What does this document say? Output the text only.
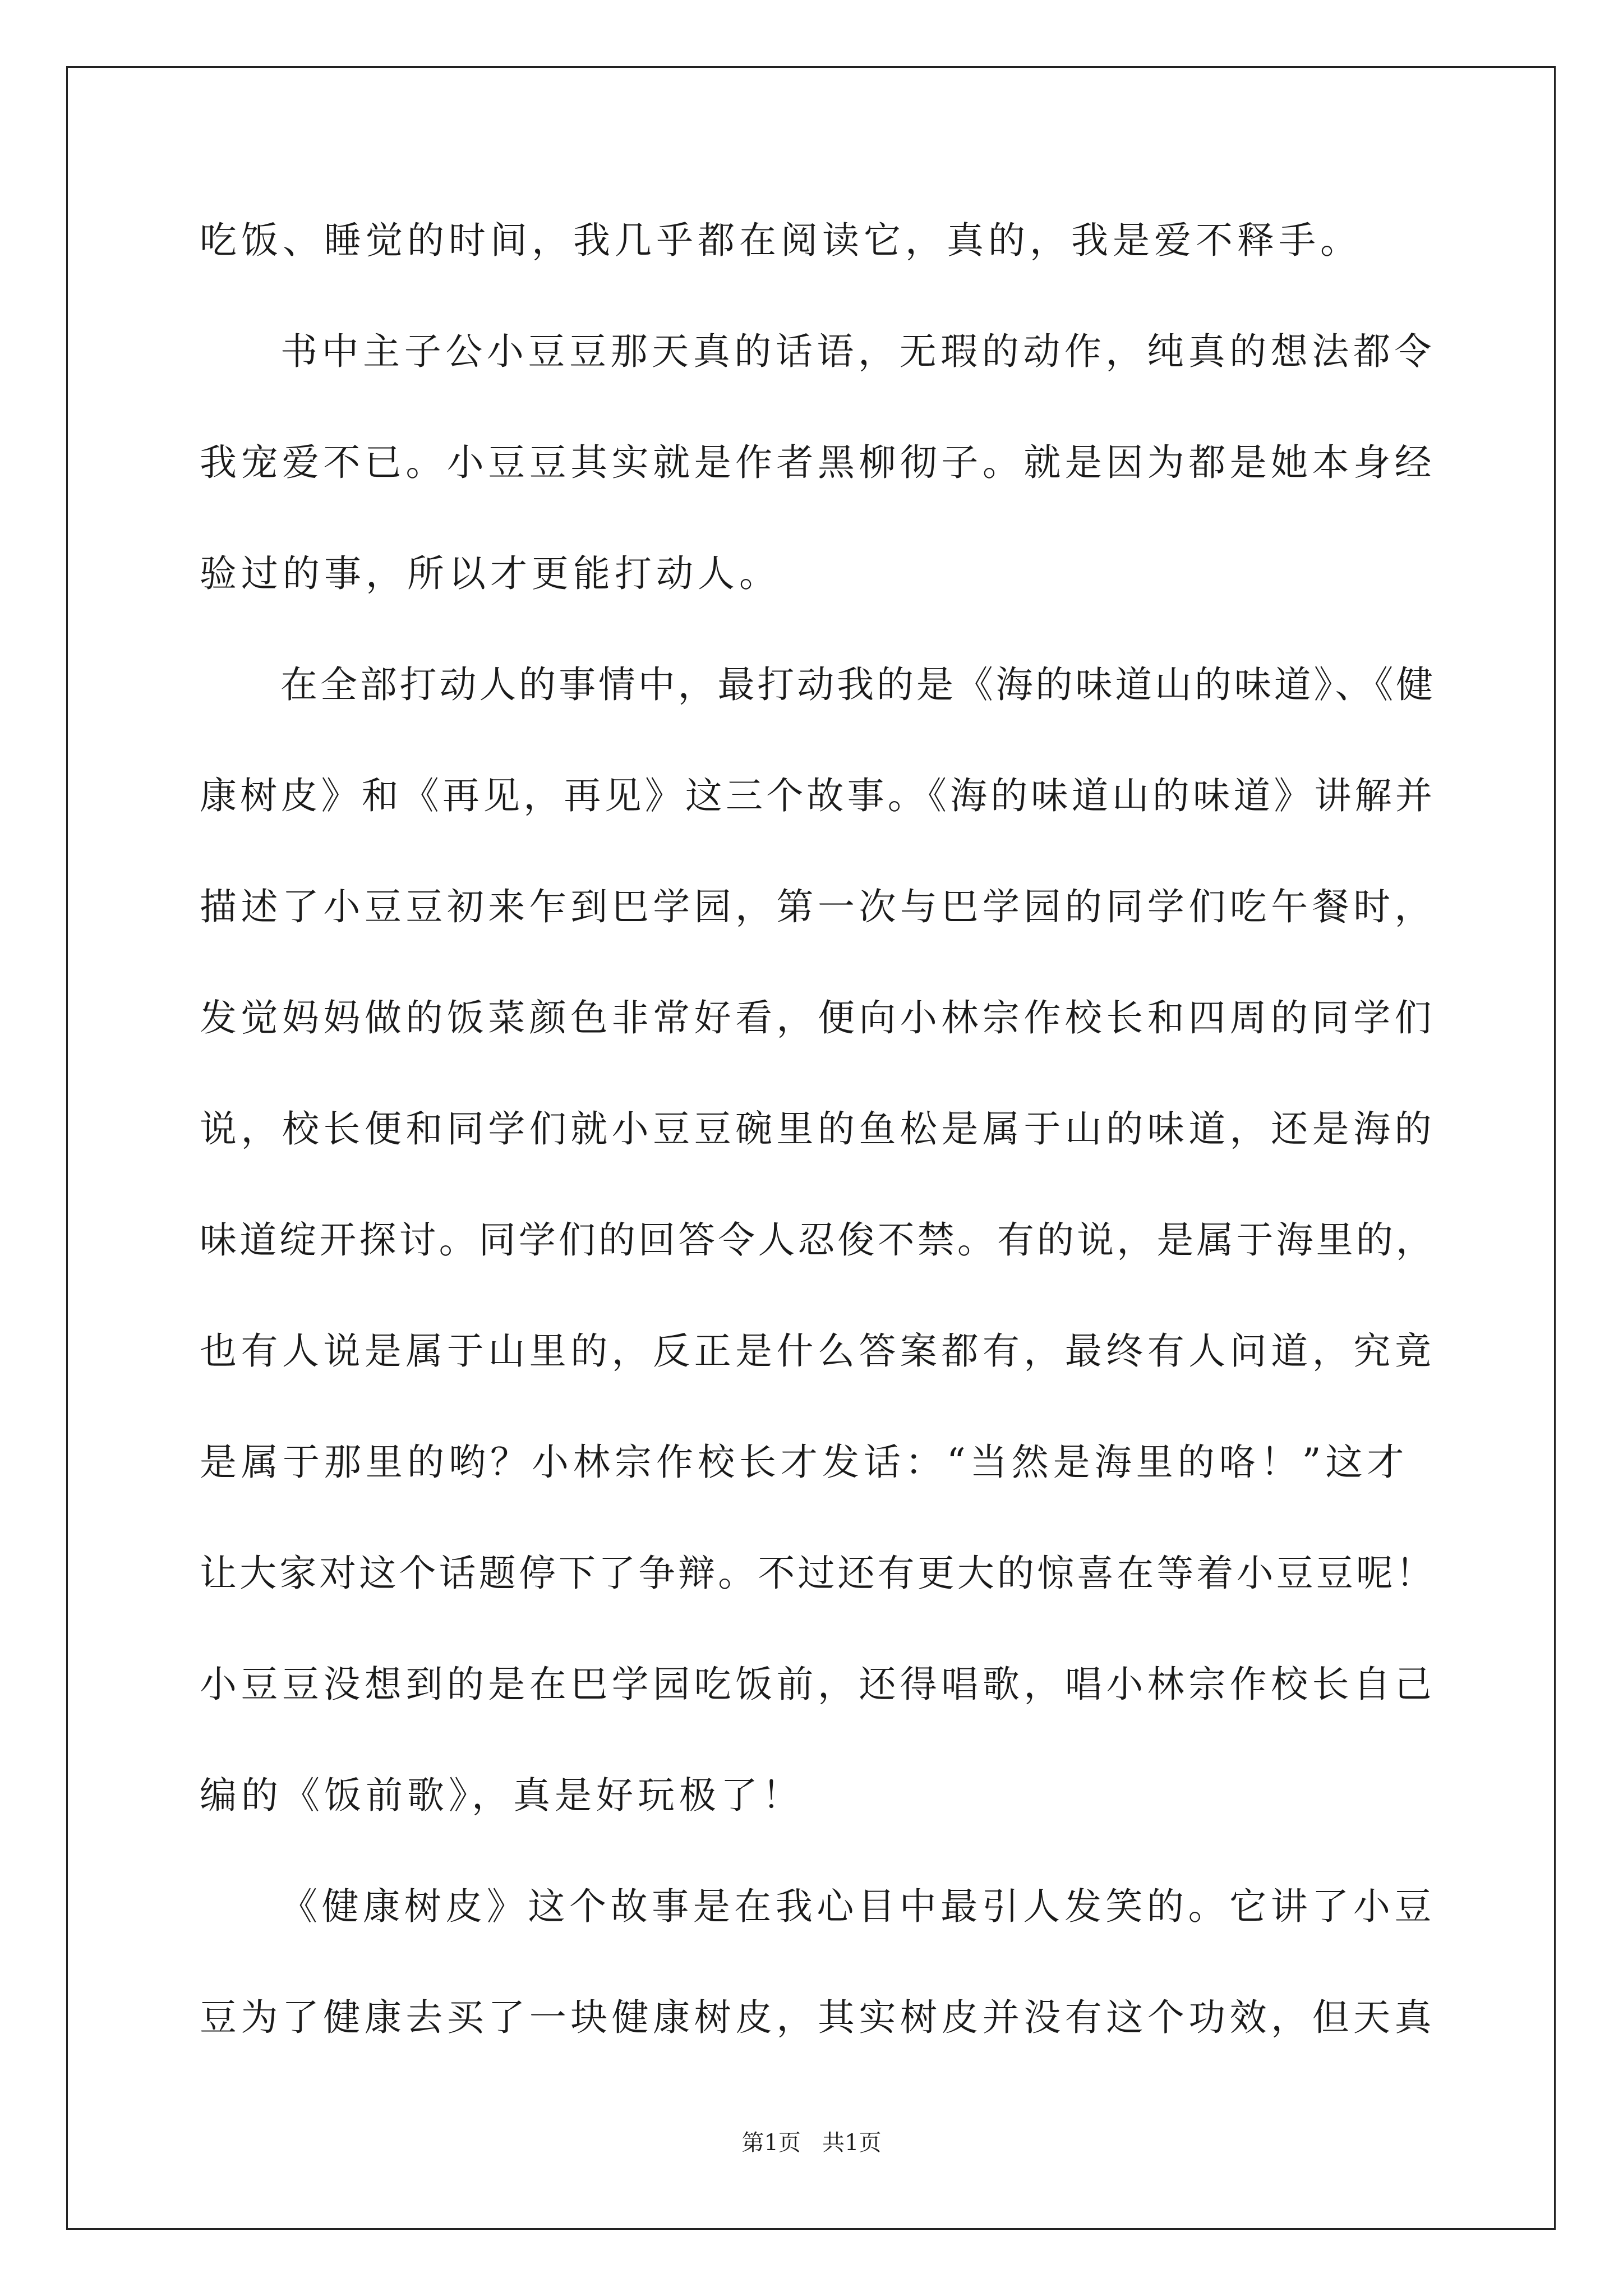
吃饭、睡觉的时间，我几乎都在阅读它，真的，我是爱不释手。
书中主子公小豆豆那天真的话语，无瑕的动作，纯真的想法都令
我宠爱不已。小豆豆其实就是作者黑柳彻子。就是因为都是她本身经
验过的事，所以才更能打动人。
在全部打动人的事情中，最打动我的是《海的味道山的味道》、《健
康树皮》和《再见，再见》这三个故事。《海的味道山的味道》讲解并
描述了小豆豆初来乍到巴学园，第一次与巴学园的同学们吃午餐时，
发觉妈妈做的饭菜颜色非常好看，便向小林宗作校长和四周的同学们
说，校长便和同学们就小豆豆碗里的鱼松是属于山的味道，还是海的
味道绽开探讨。同学们的回答令人忍俊不禁。有的说，是属于海里的，
也有人说是属于山里的，反正是什么答案都有，最终有人问道，究竟
是属于那里的哟？小林宗作校长才发话：“当然是海里的咯！”这才
让大家对这个话题停下了争辩。不过还有更大的惊喜在等着小豆豆呢！
小豆豆没想到的是在巴学园吃饭前，还得唱歌，唱小林宗作校长自己
编的《饭前歌》，真是好玩极了！
《健康树皮》这个故事是在我心目中最引人发笑的。它讲了小豆
豆为了健康去买了一块健康树皮，其实树皮并没有这个功效，但天真
第1页   共1页
